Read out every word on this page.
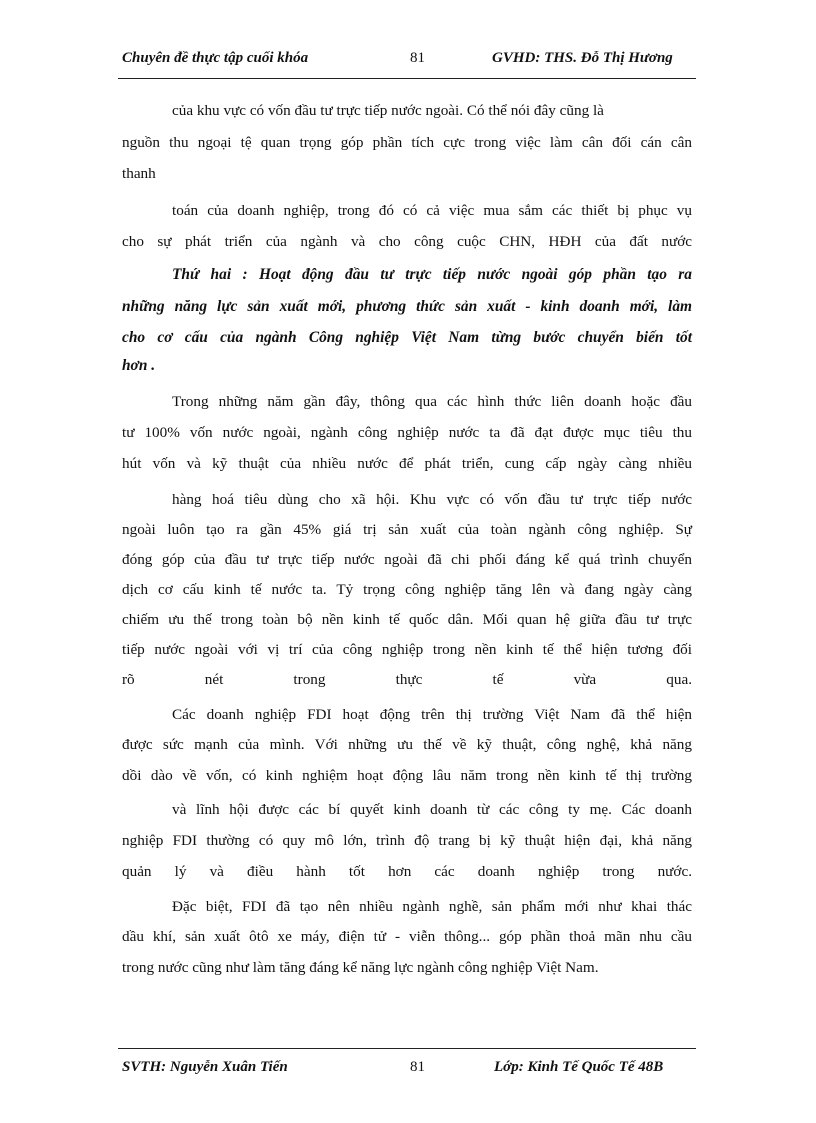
Chuyên đề thực tập cuối khóa	81	GVHD: THS. Đỗ Thị Hương
của khu vực có vốn đầu tư trực tiếp nước ngoài. Có thể nói đây cũng là
nguồn thu ngoại tệ quan trọng góp phần tích cực trong việc làm cân đối cán cân
thanh
toán của doanh nghiệp, trong đó có cả việc mua sắm các thiết bị phục vụ
cho sự phát triển của ngành và cho công cuộc CHN, HĐH của đất nước
Thứ hai : Hoạt động đầu tư trực tiếp nước ngoài góp phần tạo ra
những năng lực sản xuất mới, phương thức sản xuất - kinh doanh mới, làm
cho cơ cấu của ngành Công nghiệp Việt Nam từng bước chuyển biến tốt
hơn .
Trong những năm gần đây, thông qua các hình thức liên doanh hoặc đầu
tư 100% vốn nước ngoài, ngành công nghiệp nước ta đã đạt được mục tiêu thu
hút vốn và kỹ thuật của nhiều nước để phát triển, cung cấp ngày càng nhiều
hàng hoá tiêu dùng cho xã hội. Khu vực có vốn đầu tư trực tiếp nước
ngoài luôn tạo ra gần 45% giá trị sản xuất của toàn ngành công nghiệp. Sự
đóng góp của đầu tư trực tiếp nước ngoài đã chi phối đáng kể quá trình chuyển
dịch cơ cấu kinh tế nước ta. Tỷ trọng công nghiệp tăng lên và đang ngày càng
chiếm ưu thế trong toàn bộ nền kinh tế quốc dân. Mối quan hệ giữa đầu tư trực
tiếp nước ngoài với vị trí của công nghiệp trong nền kinh tế thể hiện tương đối
rõ nét trong thực tế vừa qua.
Các doanh nghiệp FDI hoạt động trên thị trường Việt Nam đã thể hiện
được sức mạnh của mình. Với những ưu thế về kỹ thuật, công nghệ, khả năng
dồi dào về vốn, có kinh nghiệm hoạt động lâu năm trong nền kinh tế thị trường
và lĩnh hội được các bí quyết kinh doanh từ các công ty mẹ. Các doanh
nghiệp FDI thường có quy mô lớn, trình độ trang bị kỹ thuật hiện đại, khả năng
quản lý và điều hành tốt hơn các doanh nghiệp trong nước.
Đặc biệt, FDI đã tạo nên nhiều ngành nghề, sản phẩm mới như khai thác
dầu khí, sản xuất ôtô xe máy, điện tử - viễn thông... góp phần thoả mãn nhu cầu
trong nước cũng như làm tăng đáng kể năng lực ngành công nghiệp Việt Nam.
SVTH: Nguyễn Xuân Tiến	81	Lớp: Kinh Tế Quốc Tế 48B
